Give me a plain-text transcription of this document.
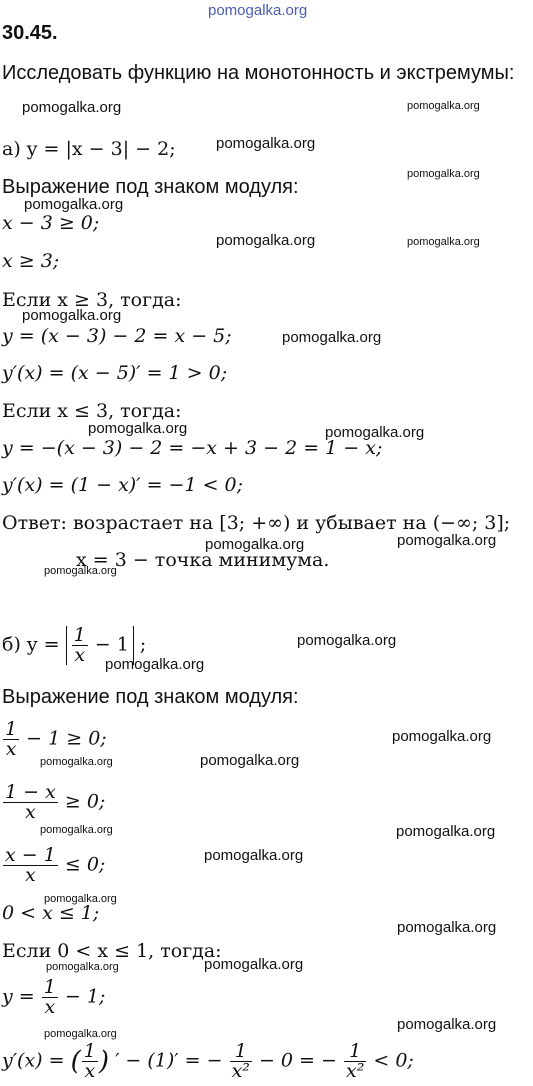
pomogalka.org
pomogalka.org	pomogalka.org
pomogalka.org
pomogalka.org
pomogalka.org
pomogalka.org	pomogalka.org
pomogalka.org
pomogalka.org
pomogalka.org	pomogalka.org
pomogalka.org	pomogalka.org
pomogalka.org
pomogalka.org
pomogalka.org
pomogalka.org
pomogalka.org	pomogalka.org
pomogalka.org	pomogalka.org
pomogalka.org
pomogalka.org
pomogalka.org
pomogalka.org	pomogalka.org
pomogalka.org
pomogalka.org
30.45.
Исследовать функцию на монотонность и экстремумы:
а) y = |x − 3| − 2;
Выражение под знаком модуля:
x − 3 ≥ 0;
x ≥ 3;
Если x ≥ 3, тогда:
y = (x − 3) − 2 = x − 5;
y′(x) = (x − 5)′ = 1 > 0;
Если x ≤ 3, тогда:
y = −(x − 3) − 2 = −x + 3 − 2 = 1 − x;
y′(x) = (1 − x)′ = −1 < 0;
Ответ: возрастает на [3; +∞) и убывает на (−∞; 3];
x = 3 − точка минимума.
б) $y = \frac{1}{x} - 1$ ;
Выражение под знаком модуля:
$\frac{1}{x} - 1 \ge 0$;
$\frac{1 - x}{x} \ge 0$;
$\frac{x - 1}{x} \le 0$;
0 < x ≤ 1;
Если 0 < x ≤ 1, тогда:
$y = \frac{1}{x} - 1$;
y′(x) = ( $\frac{1}{x}$ ) ′ − (1)′ = − $\frac{1}{\text{x²}} - 0$ = − $\frac{1}{\text{x²}} < 0$;
